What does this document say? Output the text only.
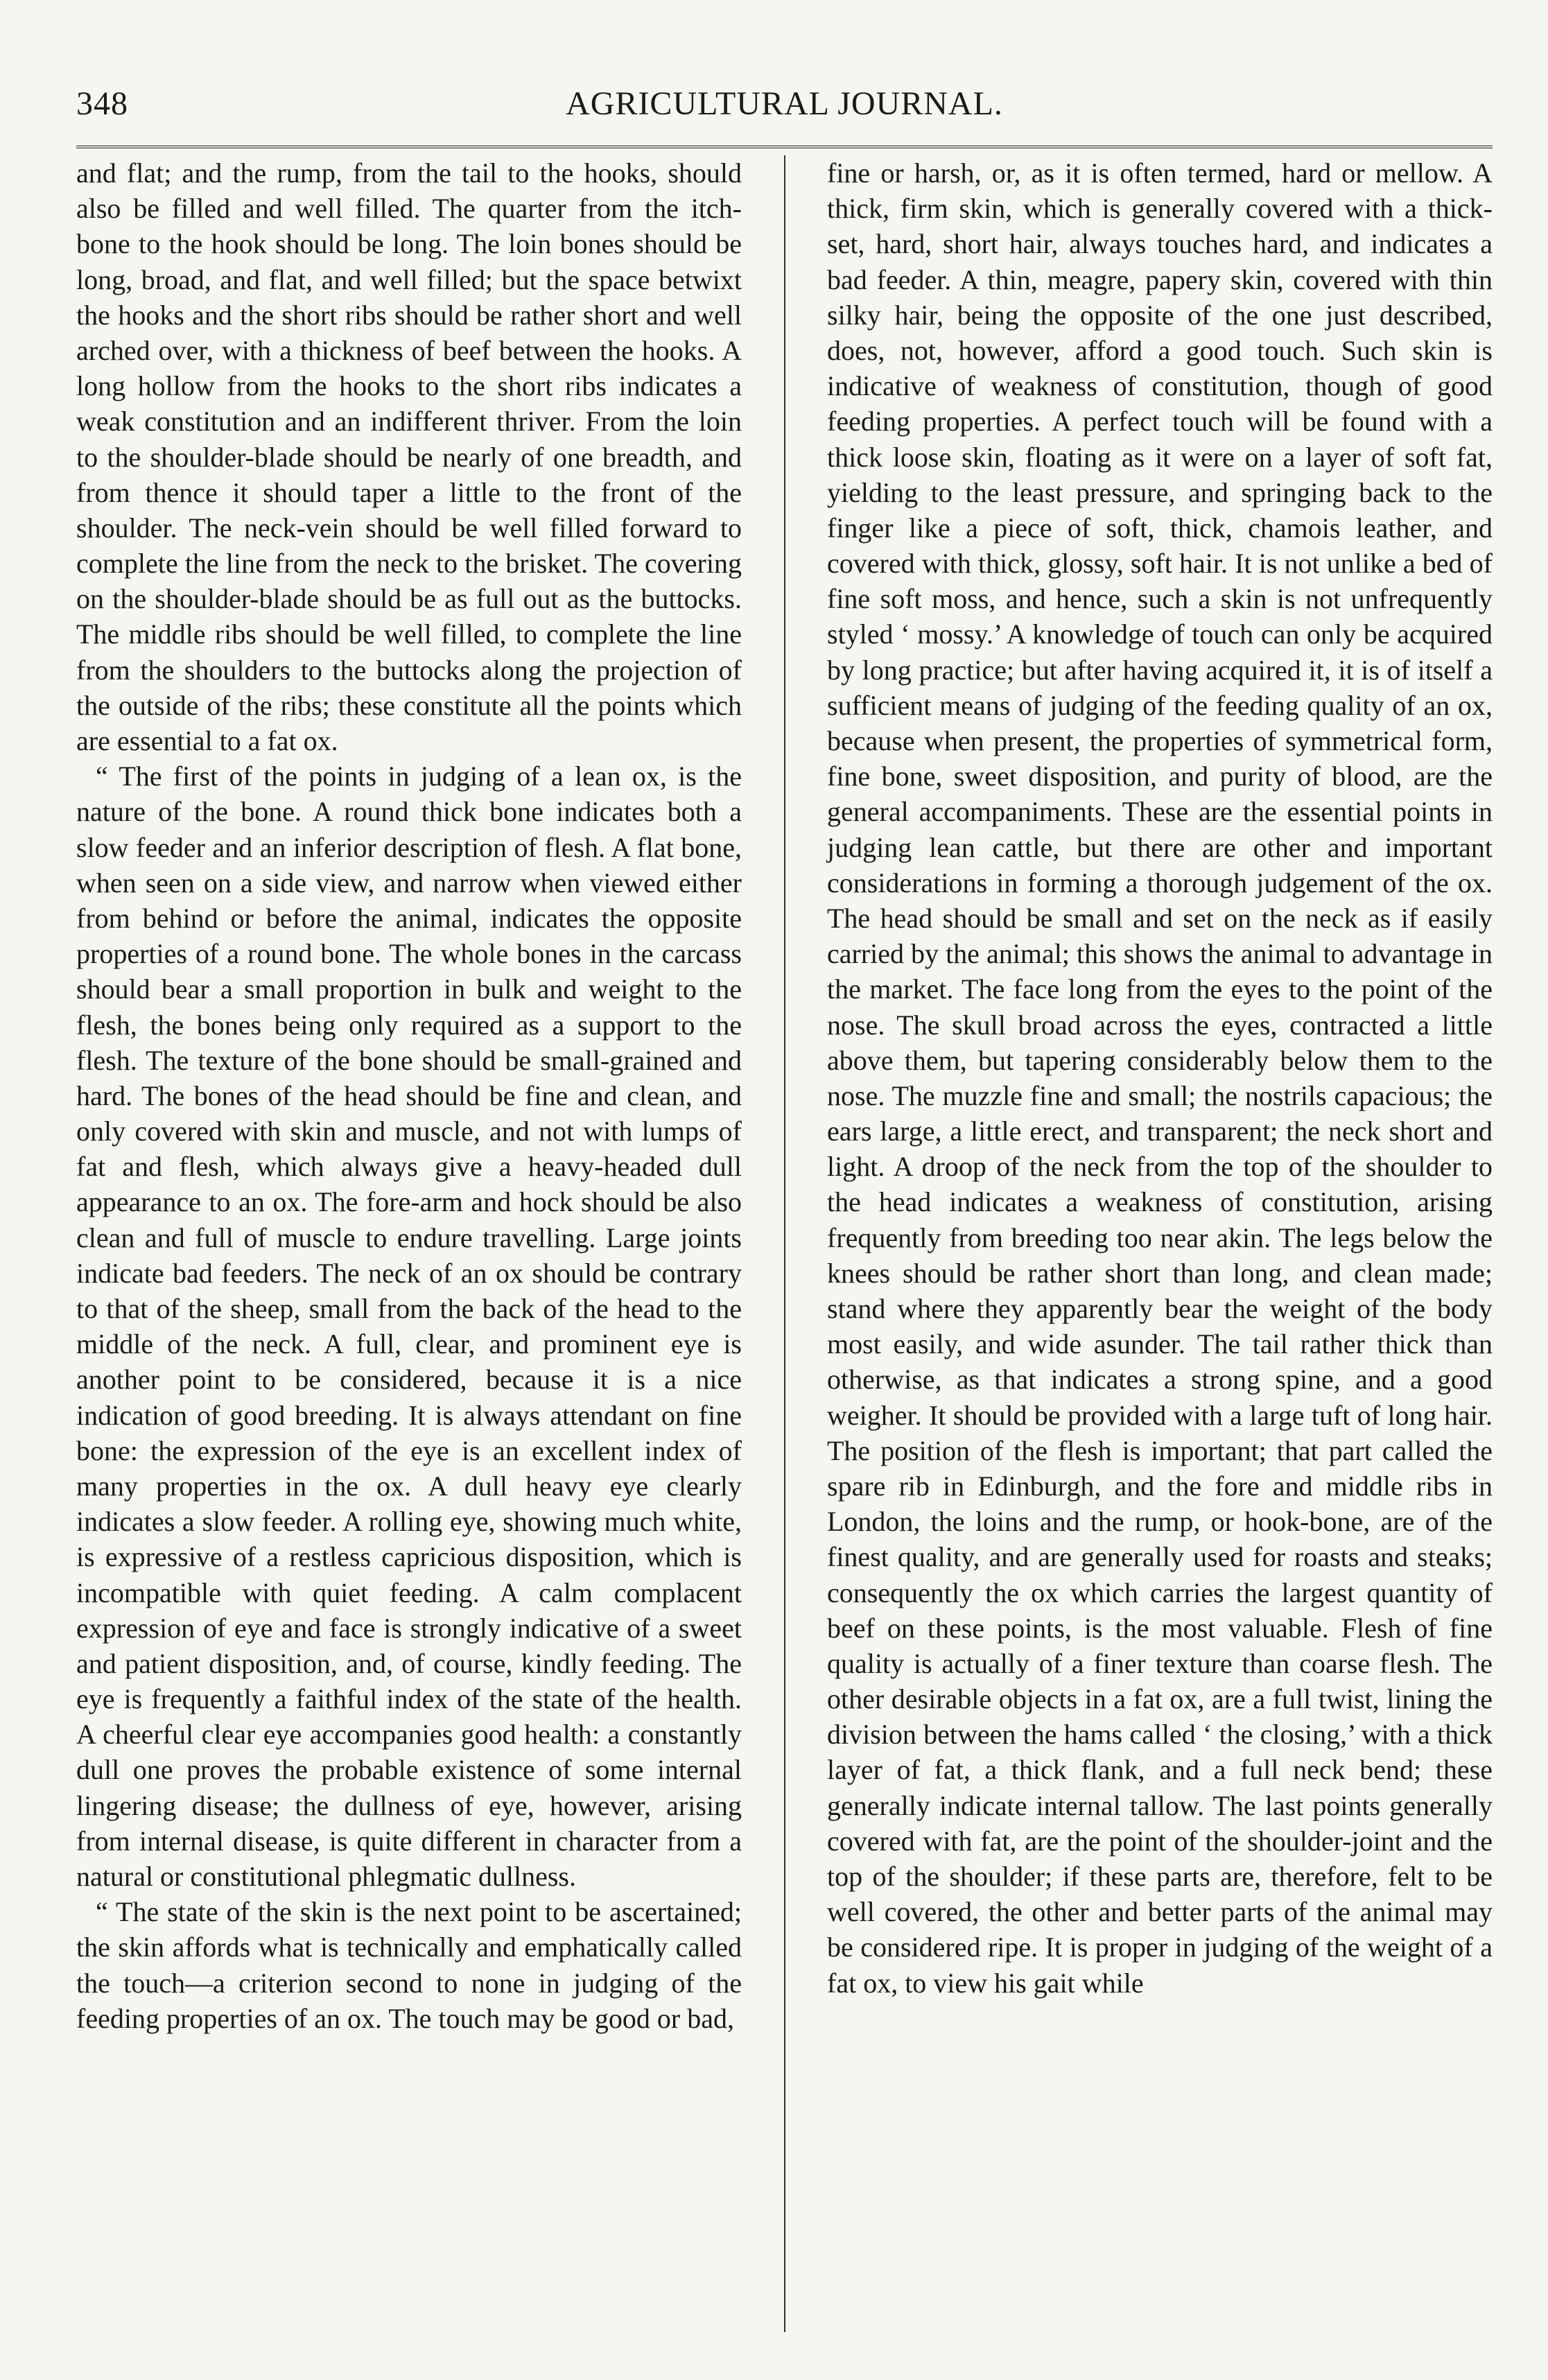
348	AGRICULTURAL JOURNAL.

and flat; and the rump, from the tail to the hooks, should also be filled and well filled. The quarter from the itch-bone to the hook should be long. The loin bones should be long, broad, and flat, and well filled; but the space betwixt the hooks and the short ribs should be rather short and well arched over, with a thickness of beef between the hooks. A long hollow from the hooks to the short ribs indicates a weak constitution and an indifferent thriver. From the loin to the shoulder-blade should be nearly of one breadth, and from thence it should taper a little to the front of the shoulder. The neck-vein should be well filled forward to complete the line from the neck to the brisket. The covering on the shoulder-blade should be as full out as the buttocks. The middle ribs should be well filled, to complete the line from the shoulders to the buttocks along the projection of the outside of the ribs; these constitute all the points which are essential to a fat ox.

“ The first of the points in judging of a lean ox, is the nature of the bone. A round thick bone indicates both a slow feeder and an inferior description of flesh. A flat bone, when seen on a side view, and narrow when viewed either from behind or before the animal, indicates the opposite properties of a round bone. The whole bones in the carcass should bear a small proportion in bulk and weight to the flesh, the bones being only required as a support to the flesh. The texture of the bone should be small-grained and hard. The bones of the head should be fine and clean, and only covered with skin and muscle, and not with lumps of fat and flesh, which always give a heavy-headed dull appearance to an ox. The fore-arm and hock should be also clean and full of muscle to endure travelling. Large joints indicate bad feeders. The neck of an ox should be contrary to that of the sheep, small from the back of the head to the middle of the neck. A full, clear, and prominent eye is another point to be considered, because it is a nice indication of good breeding. It is always attendant on fine bone: the expression of the eye is an excellent index of many properties in the ox. A dull heavy eye clearly indicates a slow feeder. A rolling eye, showing much white, is expressive of a restless capricious disposition, which is incompatible with quiet feeding. A calm complacent expression of eye and face is strongly indicative of a sweet and patient disposition, and, of course, kindly feeding. The eye is frequently a faithful index of the state of the health. A cheerful clear eye accompanies good health: a constantly dull one proves the probable existence of some internal lingering disease; the dullness of eye, however, arising from internal disease, is quite different in character from a natural or constitutional phlegmatic dullness.

“ The state of the skin is the next point to be ascertained; the skin affords what is technically and emphatically called the touch—a criterion second to none in judging of the feeding properties of an ox. The touch may be good or bad,

fine or harsh, or, as it is often termed, hard or mellow. A thick, firm skin, which is generally covered with a thick-set, hard, short hair, always touches hard, and indicates a bad feeder. A thin, meagre, papery skin, covered with thin silky hair, being the opposite of the one just described, does, not, however, afford a good touch. Such skin is indicative of weakness of constitution, though of good feeding properties. A perfect touch will be found with a thick loose skin, floating as it were on a layer of soft fat, yielding to the least pressure, and springing back to the finger like a piece of soft, thick, chamois leather, and covered with thick, glossy, soft hair. It is not unlike a bed of fine soft moss, and hence, such a skin is not unfrequently styled ‘ mossy.’ A knowledge of touch can only be acquired by long practice; but after having acquired it, it is of itself a sufficient means of judging of the feeding quality of an ox, because when present, the properties of symmetrical form, fine bone, sweet disposition, and purity of blood, are the general accompaniments. These are the essential points in judging lean cattle, but there are other and important considerations in forming a thorough judgement of the ox. The head should be small and set on the neck as if easily carried by the animal; this shows the animal to advantage in the market. The face long from the eyes to the point of the nose. The skull broad across the eyes, contracted a little above them, but tapering considerably below them to the nose. The muzzle fine and small; the nostrils capacious; the ears large, a little erect, and transparent; the neck short and light. A droop of the neck from the top of the shoulder to the head indicates a weakness of constitution, arising frequently from breeding too near akin. The legs below the knees should be rather short than long, and clean made; stand where they apparently bear the weight of the body most easily, and wide asunder. The tail rather thick than otherwise, as that indicates a strong spine, and a good weigher. It should be provided with a large tuft of long hair. The position of the flesh is important; that part called the spare rib in Edinburgh, and the fore and middle ribs in London, the loins and the rump, or hook-bone, are of the finest quality, and are generally used for roasts and steaks; consequently the ox which carries the largest quantity of beef on these points, is the most valuable. Flesh of fine quality is actually of a finer texture than coarse flesh. The other desirable objects in a fat ox, are a full twist, lining the division between the hams called ‘ the closing,’ with a thick layer of fat, a thick flank, and a full neck bend; these generally indicate internal tallow. The last points generally covered with fat, are the point of the shoulder-joint and the top of the shoulder; if these parts are, therefore, felt to be well covered, the other and better parts of the animal may be considered ripe. It is proper in judging of the weight of a fat ox, to view his gait while
